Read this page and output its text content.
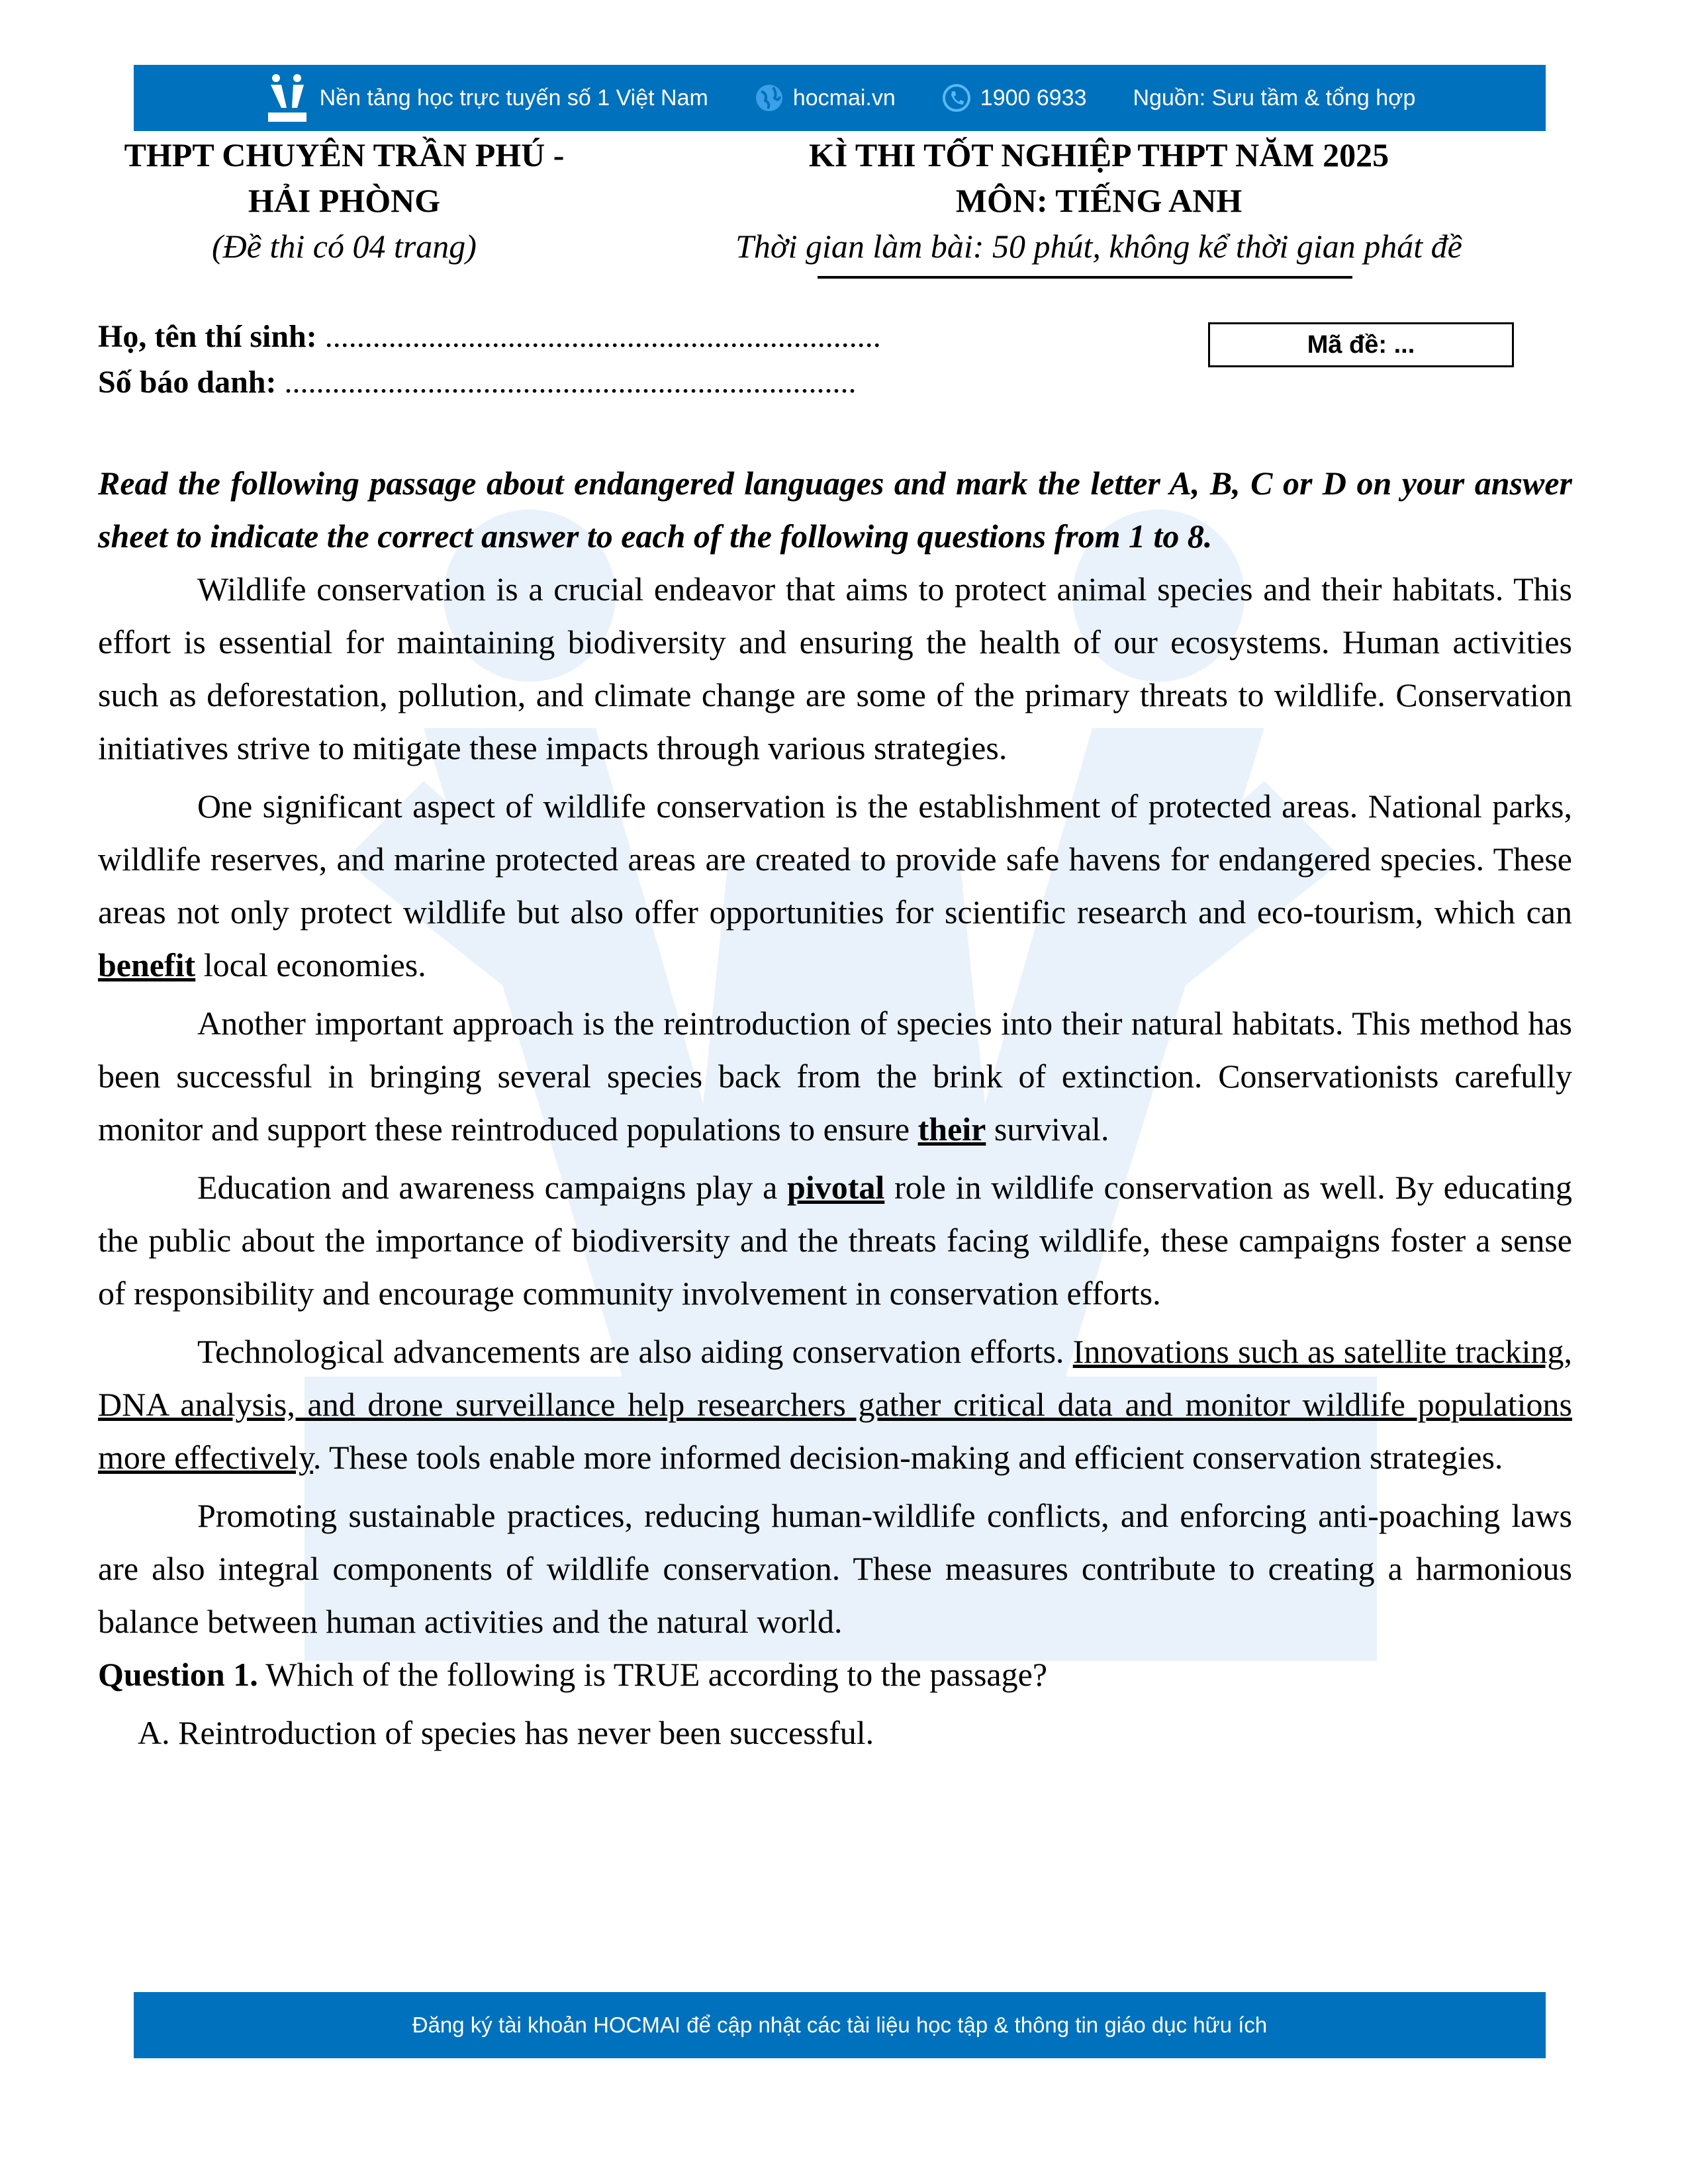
Nền tảng học trực tuyến số 1 Việt Nam	hocmai.vn	1900 6933 Nguồn: Sưu tầm & tổng hợp
THPT CHUYÊN TRẦN PHÚ -
HẢI PHÒNG
(Đề thi có 04 trang)
KÌ THI TỐT NGHIỆP THPT NĂM 2025
MÔN: TIẾNG ANH
Thời gian làm bài: 50 phút, không kể thời gian phát đề
Họ, tên thí sinh: ......................................................................
Số báo danh: ........................................................................
Mã đề: ...

Read the following passage about endangered languages and mark the letter A, B, C or D on your answer sheet to indicate the correct answer to each of the following questions from 1 to 8.

Wildlife conservation is a crucial endeavor that aims to protect animal species and their habitats. This effort is essential for maintaining biodiversity and ensuring the health of our ecosystems. Human activities such as deforestation, pollution, and climate change are some of the primary threats to wildlife. Conservation initiatives strive to mitigate these impacts through various strategies.

One significant aspect of wildlife conservation is the establishment of protected areas. National parks, wildlife reserves, and marine protected areas are created to provide safe havens for endangered species. These areas not only protect wildlife but also offer opportunities for scientific research and eco-tourism, which can benefit local economies.

Another important approach is the reintroduction of species into their natural habitats. This method has been successful in bringing several species back from the brink of extinction. Conservationists carefully monitor and support these reintroduced populations to ensure their survival.

Education and awareness campaigns play a pivotal role in wildlife conservation as well. By educating the public about the importance of biodiversity and the threats facing wildlife, these campaigns foster a sense of responsibility and encourage community involvement in conservation efforts.

Technological advancements are also aiding conservation efforts. Innovations such as satellite tracking, DNA analysis, and drone surveillance help researchers gather critical data and monitor wildlife populations more effectively. These tools enable more informed decision-making and efficient conservation strategies.

Promoting sustainable practices, reducing human-wildlife conflicts, and enforcing anti-poaching laws are also integral components of wildlife conservation. These measures contribute to creating a harmonious balance between human activities and the natural world.

Question 1. Which of the following is TRUE according to the passage?

A. Reintroduction of species has never been successful.

Đăng ký tài khoản HOCMAI để cập nhật các tài liệu học tập & thông tin giáo dục hữu ích
